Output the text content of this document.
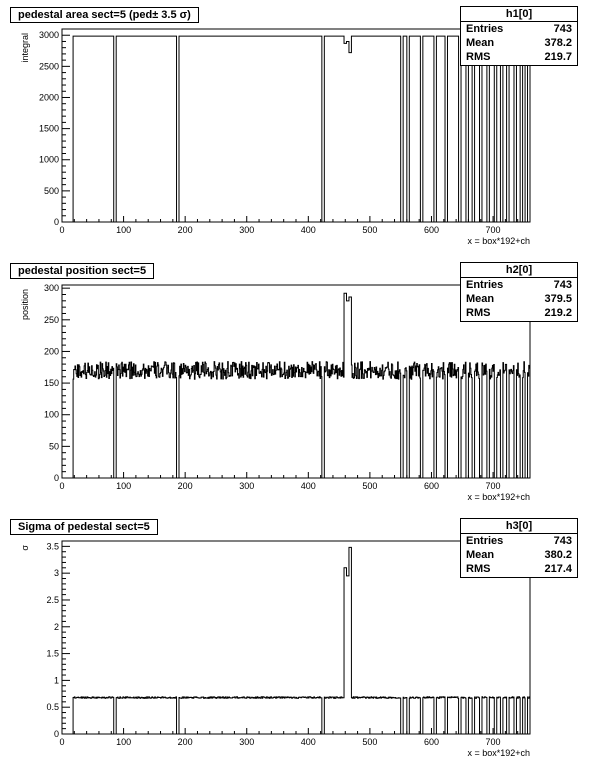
0	100	200	300	400	500	600	700
0
500
1000
1500
2000
2500
3000
x = box*192+ch
integral
pedestal area sect=5 (ped± 3.5 σ)	h1[0]
Entries	743
Mean	378.2
RMS	219.7
0	100	200	300	400	500	600	700
0
50
100
150
200
250
300
x = box*192+ch
position
pedestal position sect=5	h2[0]
Entries	743
Mean	379.5
RMS	219.2
0	100	200	300	400	500	600	700
0
0.5
1
1.5
2
2.5
3
3.5
x = box*192+ch
σ
Sigma of pedestal sect=5	h3[0]
Entries	743
Mean	380.2
RMS	217.4
